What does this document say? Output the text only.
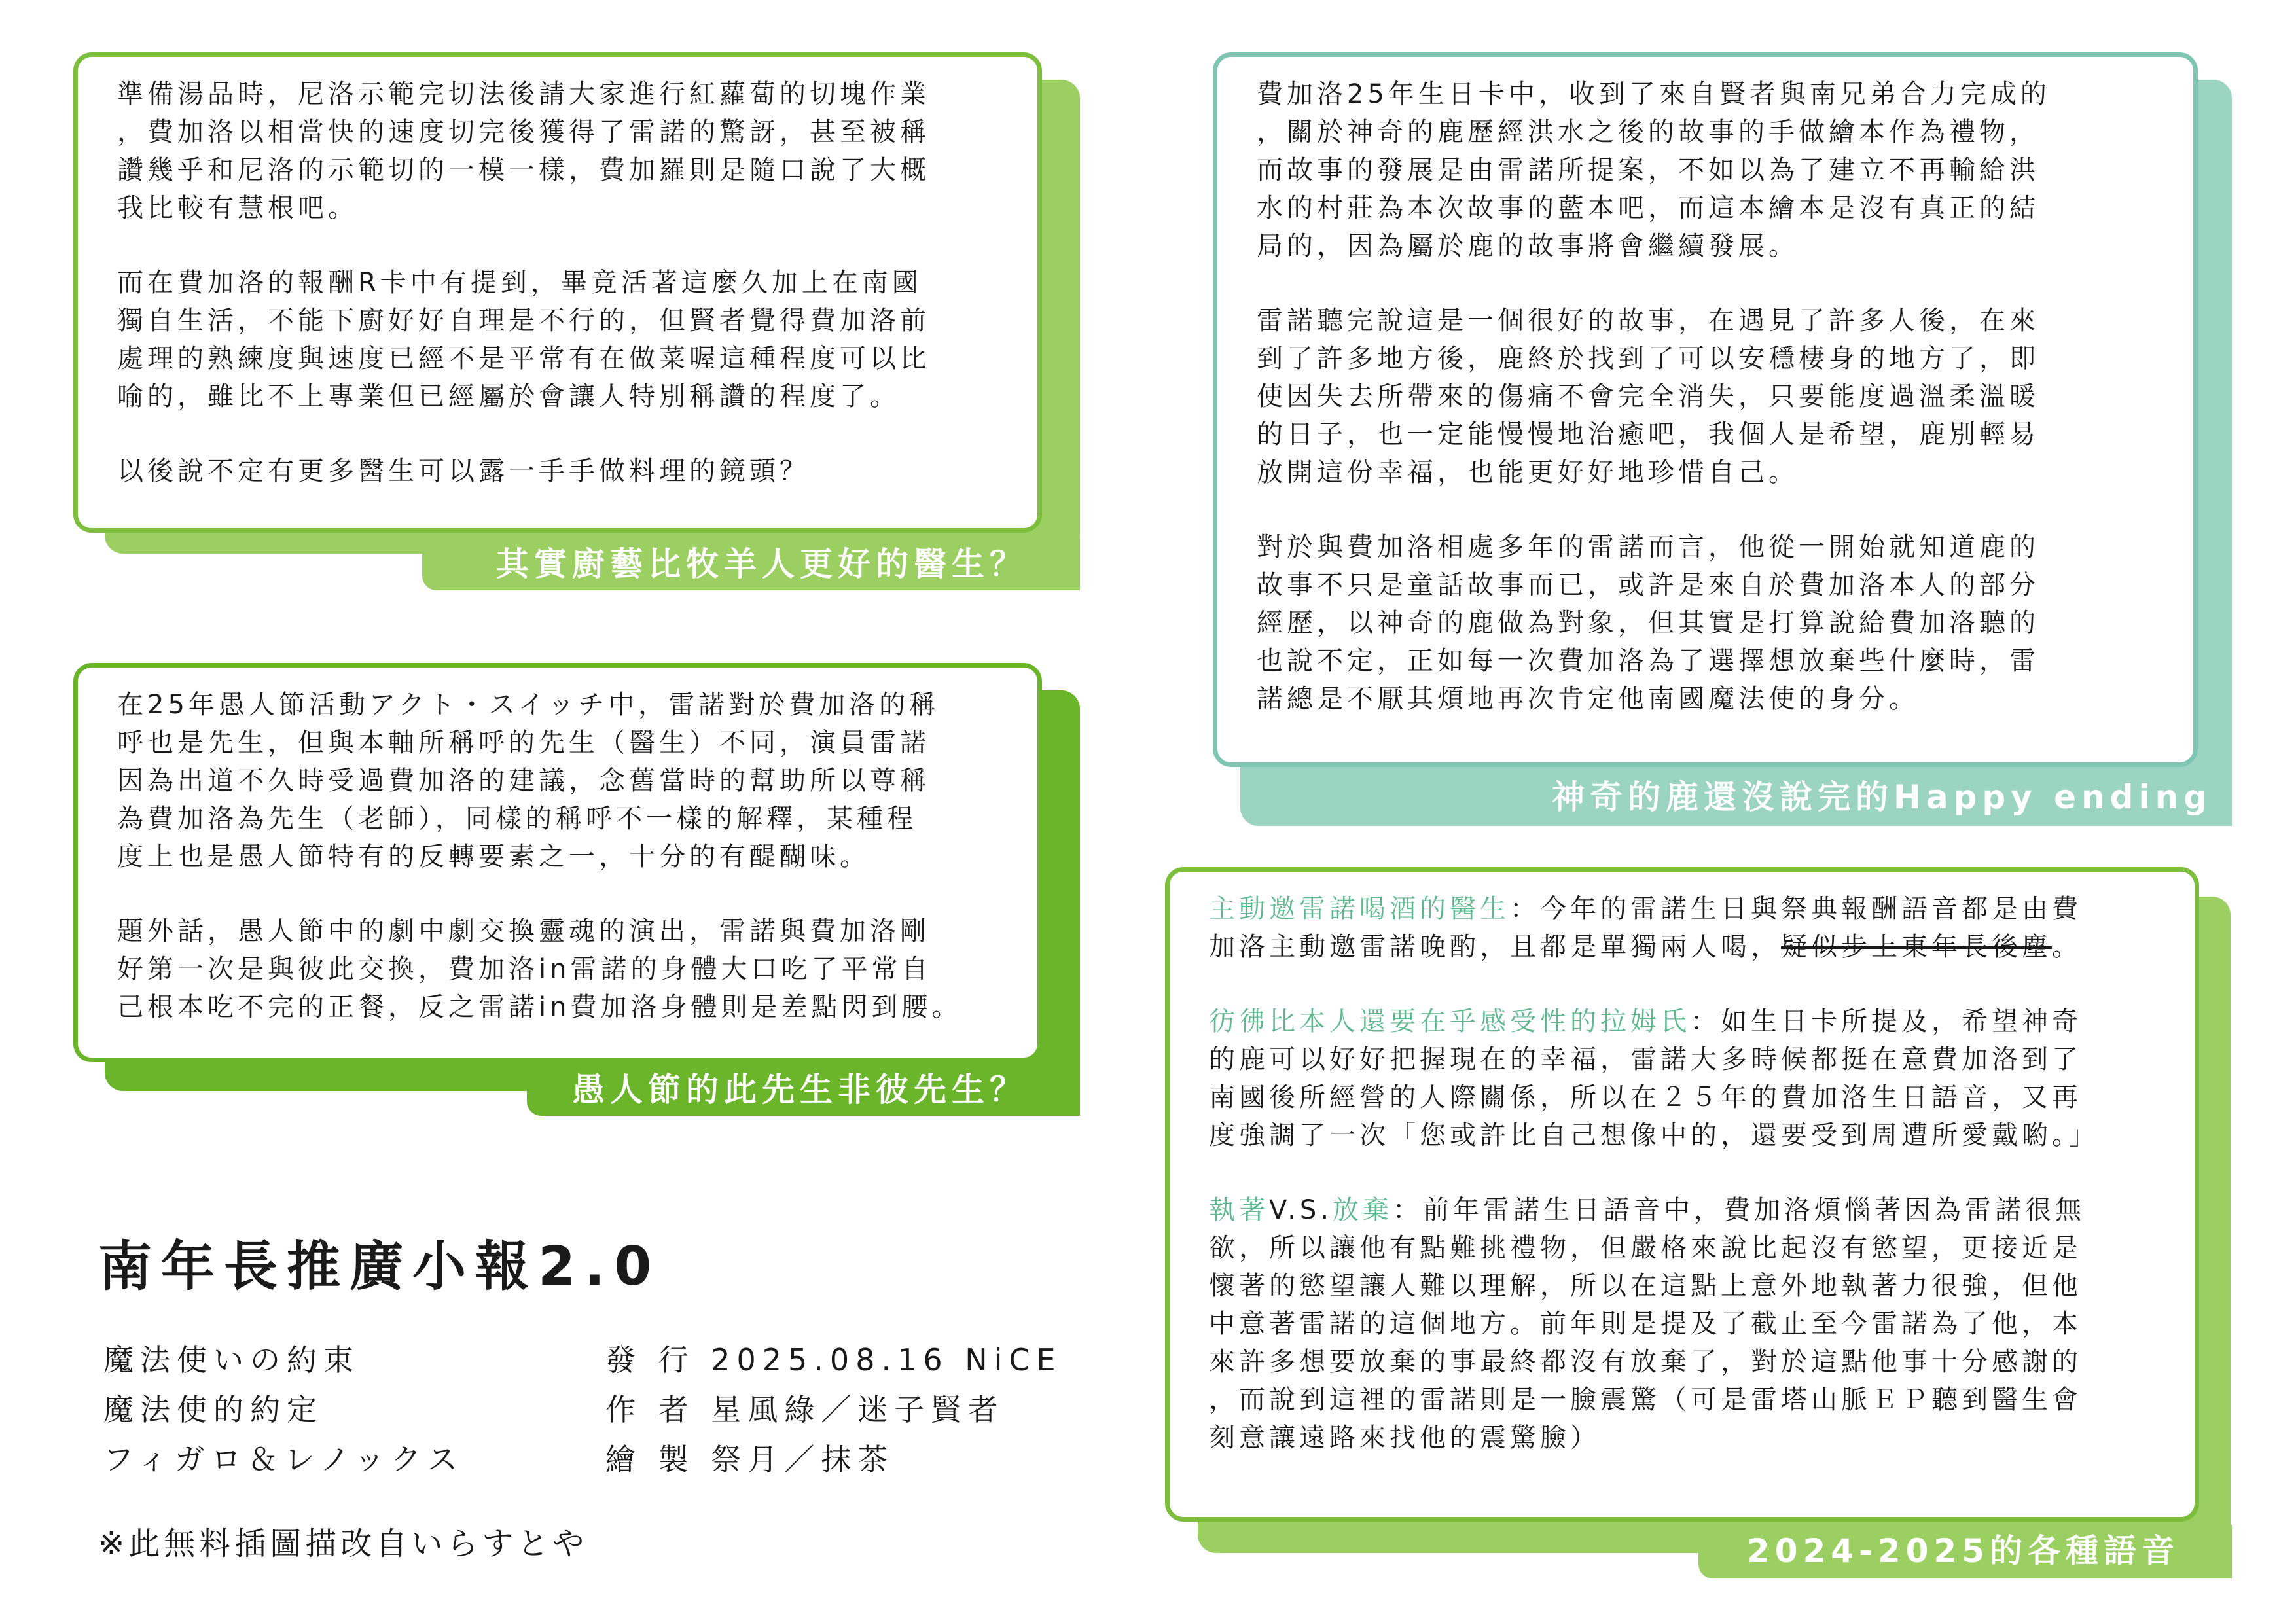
準備湯品時，尼洛示範完切法後請大家進行紅蘿蔔的切塊作業
，費加洛以相當快的速度切完後獲得了雷諾的驚訝，甚至被稱
讚幾乎和尼洛的示範切的一模一樣，費加羅則是隨口說了大概
我比較有慧根吧。

而在費加洛的報酬R卡中有提到，畢竟活著這麼久加上在南國
獨自生活，不能下廚好好自理是不行的，但賢者覺得費加洛前
處理的熟練度與速度已經不是平常有在做菜喔這種程度可以比
喻的，雖比不上專業但已經屬於會讓人特別稱讚的程度了。

以後說不定有更多醫生可以露一手手做料理的鏡頭？

其實廚藝比牧羊人更好的醫生？

在25年愚人節活動アクト・スイッチ中，雷諾對於費加洛的稱
呼也是先生，但與本軸所稱呼的先生（醫生）不同，演員雷諾
因為出道不久時受過費加洛的建議，念舊當時的幫助所以尊稱
為費加洛為先生（老師），同樣的稱呼不一樣的解釋，某種程
度上也是愚人節特有的反轉要素之一，十分的有醍醐味。

題外話，愚人節中的劇中劇交換靈魂的演出，雷諾與費加洛剛
好第一次是與彼此交換，費加洛in雷諾的身體大口吃了平常自
己根本吃不完的正餐，反之雷諾in費加洛身體則是差點閃到腰。

愚人節的此先生非彼先生？

費加洛25年生日卡中，收到了來自賢者與南兄弟合力完成的
，關於神奇的鹿歷經洪水之後的故事的手做繪本作為禮物，
而故事的發展是由雷諾所提案，不如以為了建立不再輸給洪
水的村莊為本次故事的藍本吧，而這本繪本是沒有真正的結
局的，因為屬於鹿的故事將會繼續發展。

雷諾聽完說這是一個很好的故事，在遇見了許多人後，在來
到了許多地方後，鹿終於找到了可以安穩棲身的地方了，即
使因失去所帶來的傷痛不會完全消失，只要能度過溫柔溫暖
的日子，也一定能慢慢地治癒吧，我個人是希望，鹿別輕易
放開這份幸福，也能更好好地珍惜自己。

對於與費加洛相處多年的雷諾而言，他從一開始就知道鹿的
故事不只是童話故事而已，或許是來自於費加洛本人的部分
經歷，以神奇的鹿做為對象，但其實是打算說給費加洛聽的
也說不定，正如每一次費加洛為了選擇想放棄些什麼時，雷
諾總是不厭其煩地再次肯定他南國魔法使的身分。

神奇的鹿還沒說完的Happy ending

主動邀雷諾喝酒的醫生：今年的雷諾生日與祭典報酬語音都是由費
加洛主動邀雷諾晚酌，且都是單獨兩人喝，疑似步上東年長後塵。

彷彿比本人還要在乎感受性的拉姆氏：如生日卡所提及，希望神奇
的鹿可以好好把握現在的幸福，雷諾大多時候都挺在意費加洛到了
南國後所經營的人際關係，所以在２５年的費加洛生日語音，又再
度強調了一次「您或許比自己想像中的，還要受到周遭所愛戴喲。」

執著V.S.放棄：前年雷諾生日語音中，費加洛煩惱著因為雷諾很無
欲，所以讓他有點難挑禮物，但嚴格來說比起沒有慾望，更接近是
懷著的慾望讓人難以理解，所以在這點上意外地執著力很強，但他
中意著雷諾的這個地方。前年則是提及了截止至今雷諾為了他，本
來許多想要放棄的事最終都沒有放棄了，對於這點他事十分感謝的
，而說到這裡的雷諾則是一臉震驚（可是雷塔山脈ＥＰ聽到醫生會
刻意讓遠路來找他的震驚臉）

2024-2025的各種語音
南年長推廣小報2.0
魔法使いの約束
魔法使的約定
フィガロ＆レノックス
發 行 2025.08.16 NiCE
作 者 星風綠／迷子賢者
繪 製 祭月／抹茶
※此無料插圖描改自いらすとや
